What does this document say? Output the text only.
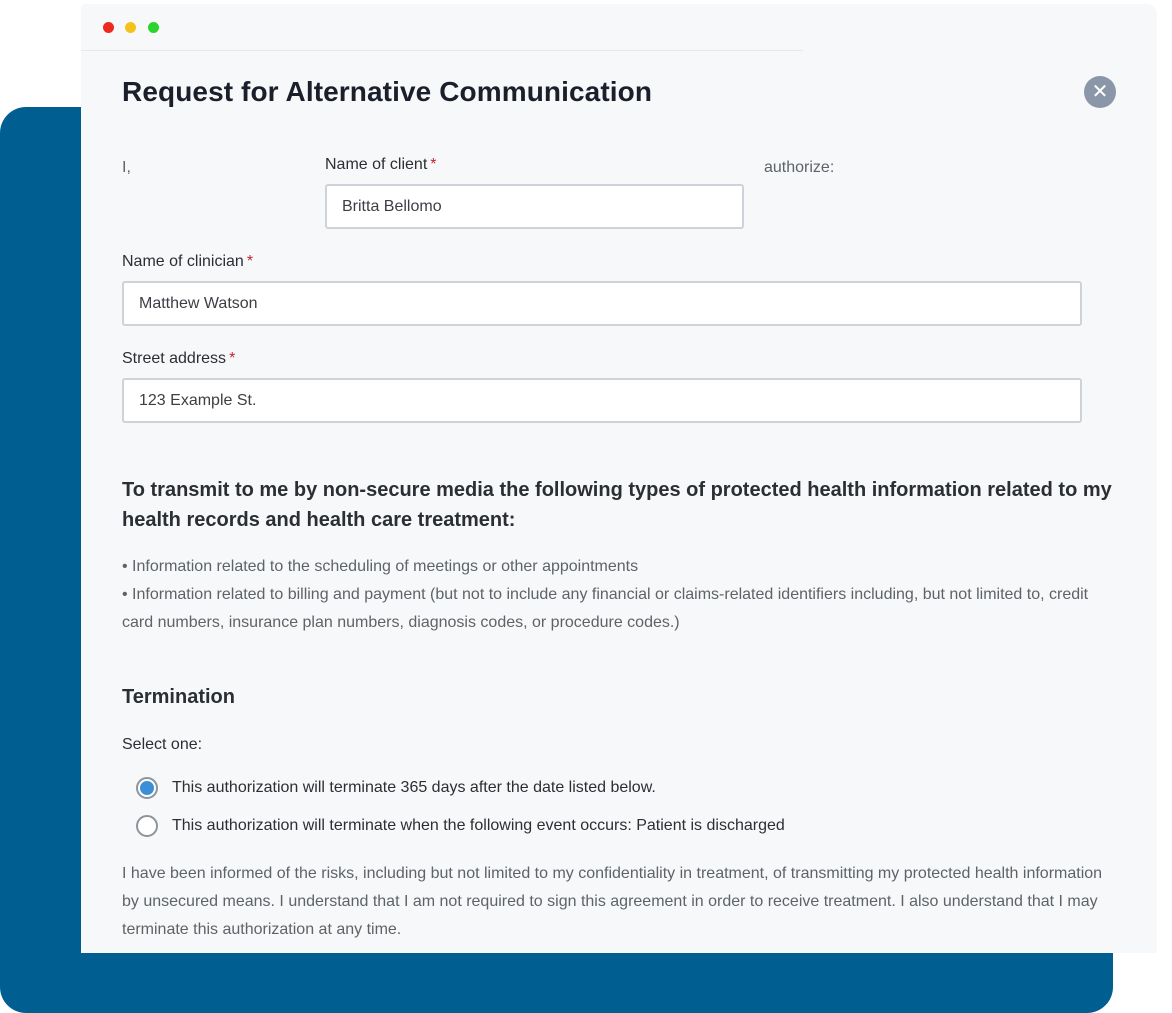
Request for Alternative Communication	✕
I,	Name of client *
Britta Bellomo	authorize:
Name of clinician *
Matthew Watson
Street address *
123 Example St.
To transmit to me by non-secure media the following types of protected health information related to my health records and health care treatment:
• Information related to the scheduling of meetings or other appointments
• Information related to billing and payment (but not to include any financial or claims-related identifiers including, but not limited to, credit card numbers, insurance plan numbers, diagnosis codes, or procedure codes.)
Termination
Select one:
This authorization will terminate 365 days after the date listed below.
This authorization will terminate when the following event occurs: Patient is discharged
I have been informed of the risks, including but not limited to my confidentiality in treatment, of transmitting my protected health information by unsecured means. I understand that I am not required to sign this agreement in order to receive treatment. I also understand that I may terminate this authorization at any time.
